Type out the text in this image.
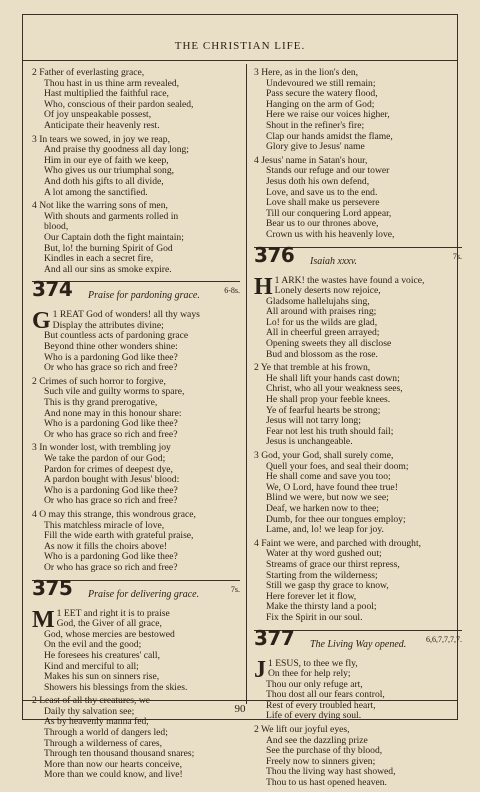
THE CHRISTIAN LIFE.
2 Father of everlasting grace,
Thou hast in us thine arm revealed,
Hast multiplied the faithful race,
Who, conscious of their pardon sealed,
Of joy unspeakable possest,
Anticipate their heavenly rest.
3 In tears we sowed, in joy we reap,
And praise thy goodness all day long;
Him in our eye of faith we keep,
Who gives us our triumphal song,
And doth his gifts to all divide,
A lot among the sanctified.
4 Not like the warring sons of men,
With shouts and garments rolled in
blood,
Our Captain doth the fight maintain;
But, lo! the burning Spirit of God
Kindles in each a secret fire,
And all our sins as smoke expire.
374 Praise for pardoning grace.	6-8s.
G 1 REAT God of wonders! all thy ways
Display the attributes divine;
But countless acts of pardoning grace
Beyond thine other wonders shine:
Who is a pardoning God like thee?
Or who has grace so rich and free?
2 Crimes of such horror to forgive,
Such vile and guilty worms to spare,
This is thy grand prerogative,
And none may in this honour share:
Who is a pardoning God like thee?
Or who has grace so rich and free?
3 In wonder lost, with trembling joy
We take the pardon of our God;
Pardon for crimes of deepest dye,
A pardon bought with Jesus' blood:
Who is a pardoning God like thee?
Or who has grace so rich and free?
4 O may this strange, this wondrous grace,
This matchless miracle of love,
Fill the wide earth with grateful praise,
As now it fills the choirs above!
Who is a pardoning God like thee?
Or who has grace so rich and free?
375 Praise for delivering grace.	7s.
M 1 EET and right it is to praise
God, the Giver of all grace,
God, whose mercies are bestowed
On the evil and the good;
He foresees his creatures' call,
Kind and merciful to all;
Makes his sun on sinners rise,
Showers his blessings from the skies.
2 Least of all thy creatures, we
Daily thy salvation see;
As by heavenly manna fed,
Through a world of dangers led;
Through a wilderness of cares,
Through ten thousand thousand snares;
More than now our hearts conceive,
More than we could know, and live!
3 Here, as in the lion's den,
Undevoured we still remain;
Pass secure the watery flood,
Hanging on the arm of God;
Here we raise our voices higher,
Shout in the refiner's fire;
Clap our hands amidst the flame,
Glory give to Jesus' name
4 Jesus' name in Satan's hour,
Stands our refuge and our tower
Jesus doth his own defend,
Love, and save us to the end.
Love shall make us persevere
Till our conquering Lord appear,
Bear us to our thrones above,
Crown us with his heavenly love,
376 Isaiah xxxv.	7s.
H 1 ARK! the wastes have found a voice,
Lonely deserts now rejoice,
Gladsome hallelujahs sing,
All around with praises ring;
Lo! for us the wilds are glad,
All in cheerful green arrayed;
Opening sweets they all disclose
Bud and blossom as the rose.
2 Ye that tremble at his frown,
He shall lift your hands cast down;
Christ, who all your weakness sees,
He shall prop your feeble knees.
Ye of fearful hearts be strong;
Jesus will not tarry long;
Fear not lest his truth should fail;
Jesus is unchangeable.
3 God, your God, shall surely come,
Quell your foes, and seal their doom;
He shall come and save you too;
We, O Lord, have found thee true!
Blind we were, but now we see;
Deaf, we harken now to thee;
Dumb, for thee our tongues employ;
Lame, and, lo! we leap for joy.
4 Faint we were, and parched with drought,
Water at thy word gushed out;
Streams of grace our thirst repress,
Starting from the wilderness;
Still we gasp thy grace to know,
Here forever let it flow,
Make the thirsty land a pool;
Fix the Spirit in our soul.
377 The Living Way opened. 6,6,7,7,7,7.
J 1 ESUS, to thee we fly,
On thee for help rely;
Thou our only refuge art,
Thou dost all our fears control,
Rest of every troubled heart,
Life of every dying soul.
2 We lift our joyful eyes,
And see the dazzling prize
See the purchase of thy blood,
Freely now to sinners given;
Thou the living way hast showed,
Thou to us hast opened heaven.
90
